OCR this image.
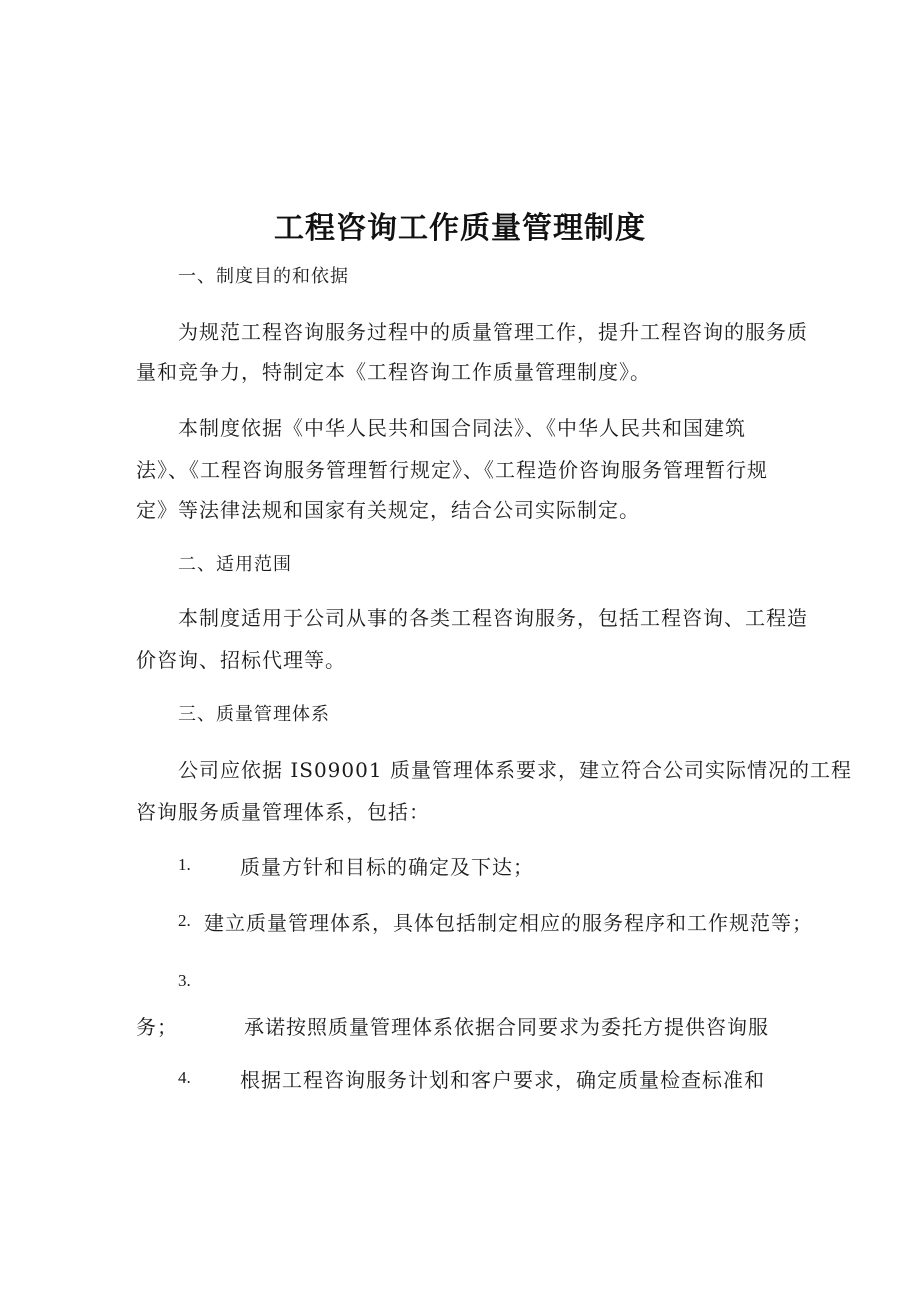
工程咨询工作质量管理制度

一、制度目的和依据

为规范工程咨询服务过程中的质量管理工作，提升工程咨询的服务质

量和竞争力，特制定本《工程咨询工作质量管理制度》。

本制度依据《中华人民共和国合同法》、《中华人民共和国建筑

法》、《工程咨询服务管理暂行规定》、《工程造价咨询服务管理暂行规

定》等法律法规和国家有关规定，结合公司实际制定。

二、适用范围

本制度适用于公司从事的各类工程咨询服务，包括工程咨询、工程造

价咨询、招标代理等。

三、质量管理体系

公司应依据 IS09001 质量管理体系要求，建立符合公司实际情况的工程

咨询服务质量管理体系，包括：

1. 质量方针和目标的确定及下达；
2. 建立质量管理体系，具体包括制定相应的服务程序和工作规范等；
3.
承诺按照质量管理体系依据合同要求为委托方提供咨询服
务；
4. 根据工程咨询服务计划和客户要求，确定质量检查标准和
